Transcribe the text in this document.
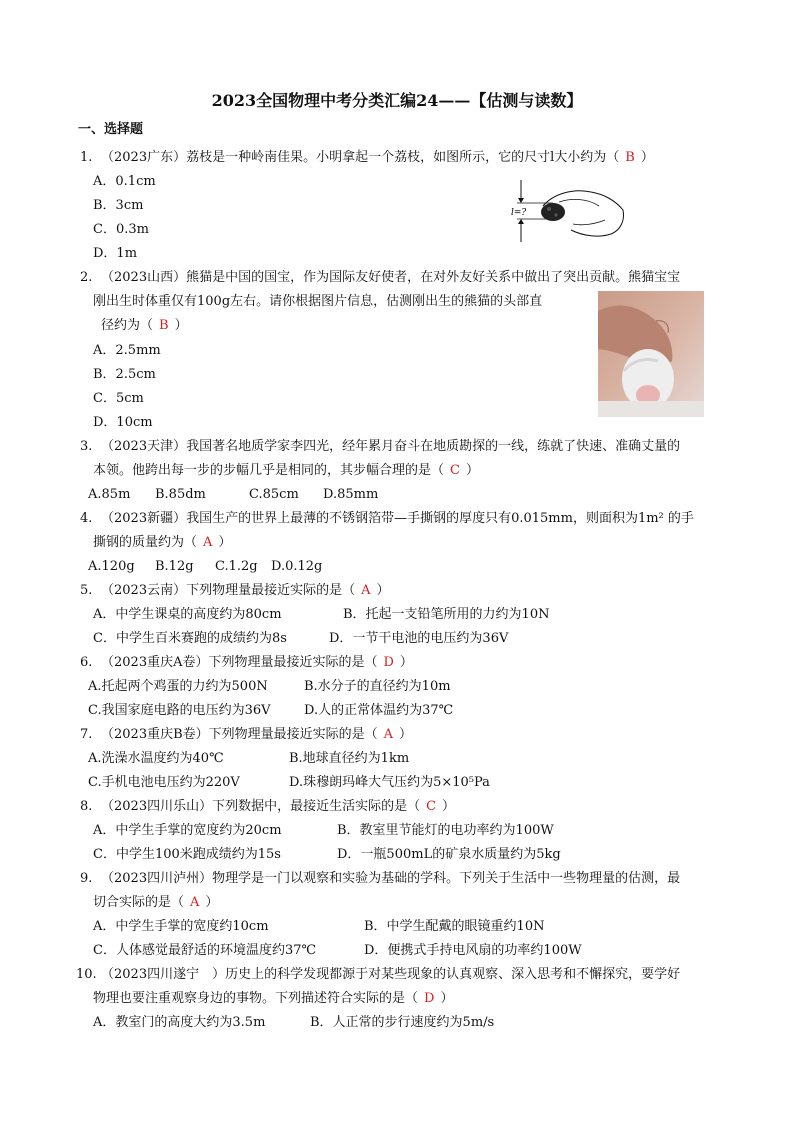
2023全国物理中考分类汇编24——【估测与读数】
一、选择题
1. （2023广东）荔枝是一种岭南佳果。小明拿起一个荔枝，如图所示，它的尺寸l大小约为（ B ）
A．0.1cm
B．3cm
C．0.3m
D．1m
l=?
2. （2023山西）熊猫是中国的国宝，作为国际友好使者，在对外友好关系中做出了突出贡献。熊猫宝宝
刚出生时体重仅有100g左右。请你根据图片信息，估测刚出生的熊猫的头部直
径约为（ B ）
A．2.5mm
B．2.5cm
C．5cm
D．10cm
3. （2023天津）我国著名地质学家李四光，经年累月奋斗在地质勘探的一线，练就了快速、准确丈量的
本领。他跨出每一步的步幅几乎是相同的，其步幅合理的是（ C ）
A.85m B.85dm	C.85cm D.85mm
4. （2023新疆）我国生产的世界上最薄的不锈钢箔带—手撕钢的厚度只有0.015mm，则面积为1m² 的手
撕钢的质量约为（ A ）
A.120g B.12g C.1.2g D.0.12g
5. （2023云南）下列物理量最接近实际的是（ A ）
A．中学生课桌的高度约为80cm	B．托起一支铅笔所用的力约为10N
C．中学生百米赛跑的成绩约为8s	D．一节干电池的电压约为36V
6. （2023重庆A卷）下列物理量最接近实际的是（ D ）
A.托起两个鸡蛋的力约为500N	B.水分子的直径约为10m
C.我国家庭电路的电压约为36V	D.人的正常体温约为37℃
7. （2023重庆B卷）下列物理量最接近实际的是（ A ）
A.洗澡水温度约为40℃	B.地球直径约为1km
C.手机电池电压约为220V	D.珠穆朗玛峰大气压约为5×10⁵Pa
8. （2023四川乐山）下列数据中，最接近生活实际的是（ C ）
A．中学生手掌的宽度约为20cm	B．教室里节能灯的电功率约为100W
C．中学生100米跑成绩约为15s	D．一瓶500mL的矿泉水质量约为5kg
9. （2023四川泸州）物理学是一门以观察和实验为基础的学科。下列关于生活中一些物理量的估测，最
切合实际的是（ A ）
A．中学生手掌的宽度约10cm	B．中学生配戴的眼镜重约10N
C．人体感觉最舒适的环境温度约37℃	D．便携式手持电风扇的功率约100W
10. （2023四川遂宁　）历史上的科学发现都源于对某些现象的认真观察、深入思考和不懈探究，要学好
物理也要注重观察身边的事物。下列描述符合实际的是（ D ）
A．教室门的高度大约为3.5m	B．人正常的步行速度约为5m/s
